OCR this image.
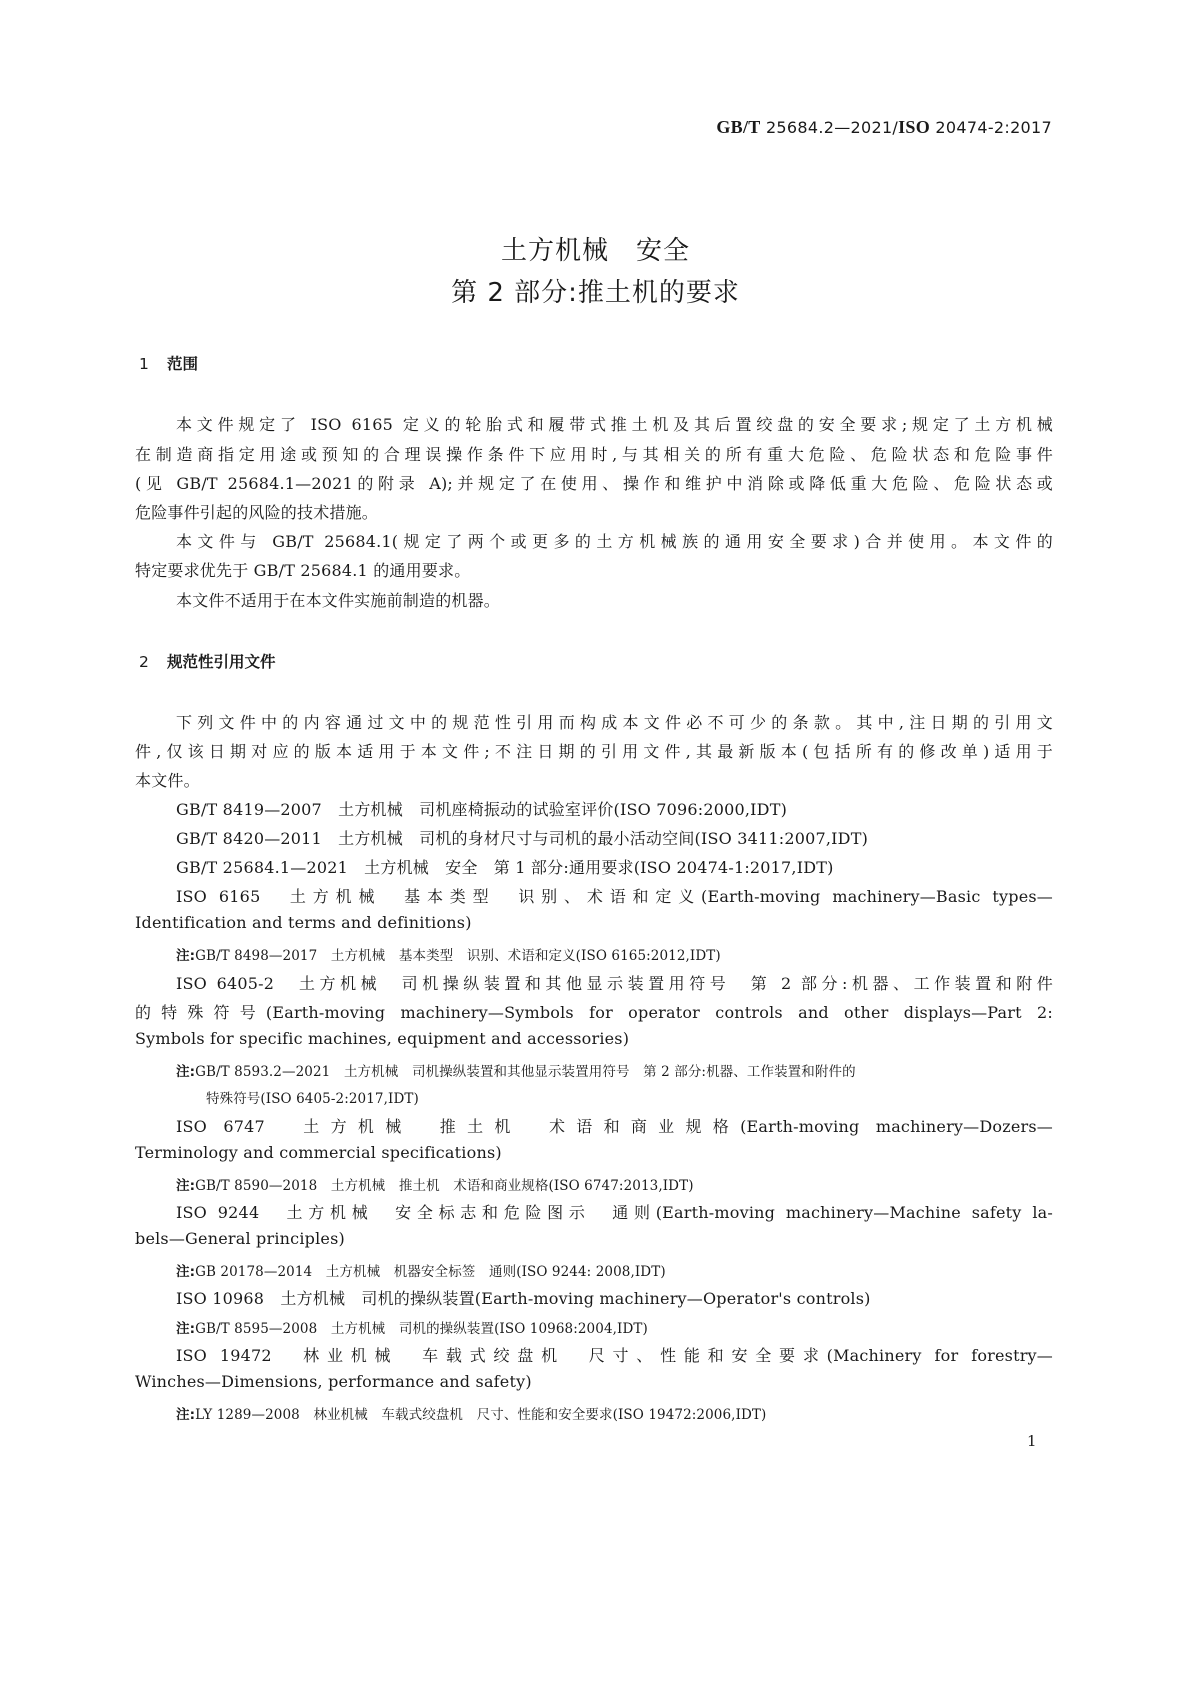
GB/T 25684.2—2021/ISO 20474-2:2017
土方机械　安全
第 2 部分:推土机的要求
1 范围
本文件规定了 ISO 6165 定义的轮胎式和履带式推土机及其后置绞盘的安全要求;规定了土方机械
在制造商指定用途或预知的合理误操作条件下应用时,与其相关的所有重大危险、危险状态和危险事件
(见 GB/T 25684.1—2021的附录 A);并规定了在使用、操作和维护中消除或降低重大危险、危险状态或
危险事件引起的风险的技术措施。
本文件与 GB/T 25684.1(规定了两个或更多的土方机械族的通用安全要求)合并使用。本文件的
特定要求优先于 GB/T 25684.1 的通用要求。
本文件不适用于在本文件实施前制造的机器。
2 规范性引用文件
下列文件中的内容通过文中的规范性引用而构成本文件必不可少的条款。其中,注日期的引用文
件,仅该日期对应的版本适用于本文件;不注日期的引用文件,其最新版本(包括所有的修改单)适用于
本文件。
GB/T 8419—2007　土方机械　司机座椅振动的试验室评价(ISO 7096:2000,IDT)
GB/T 8420—2011　土方机械　司机的身材尺寸与司机的最小活动空间(ISO 3411:2007,IDT)
GB/T 25684.1—2021　土方机械　安全　第 1 部分:通用要求(ISO 20474-1:2017,IDT)
ISO 6165　土方机械　基本类型　识别、术语和定义(Earth-moving machinery—Basic types—
Identification and terms and definitions)
注:GB/T 8498—2017　土方机械　基本类型　识别、术语和定义(ISO 6165:2012,IDT)
ISO 6405-2　土方机械　司机操纵装置和其他显示装置用符号　第 2 部分:机器、工作装置和附件
的特殊符号(Earth-moving machinery—Symbols for operator controls and other displays—Part 2:
Symbols for specific machines, equipment and accessories)
注:GB/T 8593.2—2021　土方机械　司机操纵装置和其他显示装置用符号　第 2 部分:机器、工作装置和附件的
特殊符号(ISO 6405-2:2017,IDT)
ISO 6747　土方机械　推土机　术语和商业规格(Earth-moving machinery—Dozers—
Terminology and commercial specifications)
注:GB/T 8590—2018　土方机械　推土机　术语和商业规格(ISO 6747:2013,IDT)
ISO 9244　土方机械　安全标志和危险图示　通则(Earth-moving machinery—Machine safety la-
bels—General principles)
注:GB 20178—2014　土方机械　机器安全标签　通则(ISO 9244: 2008,IDT)
ISO 10968　土方机械　司机的操纵装置(Earth-moving machinery—Operator's controls)
注:GB/T 8595—2008　土方机械　司机的操纵装置(ISO 10968:2004,IDT)
ISO 19472　林业机械　车载式绞盘机　尺寸、性能和安全要求(Machinery for forestry—
Winches—Dimensions, performance and safety)
注:LY 1289—2008　林业机械　车载式绞盘机　尺寸、性能和安全要求(ISO 19472:2006,IDT)
1
